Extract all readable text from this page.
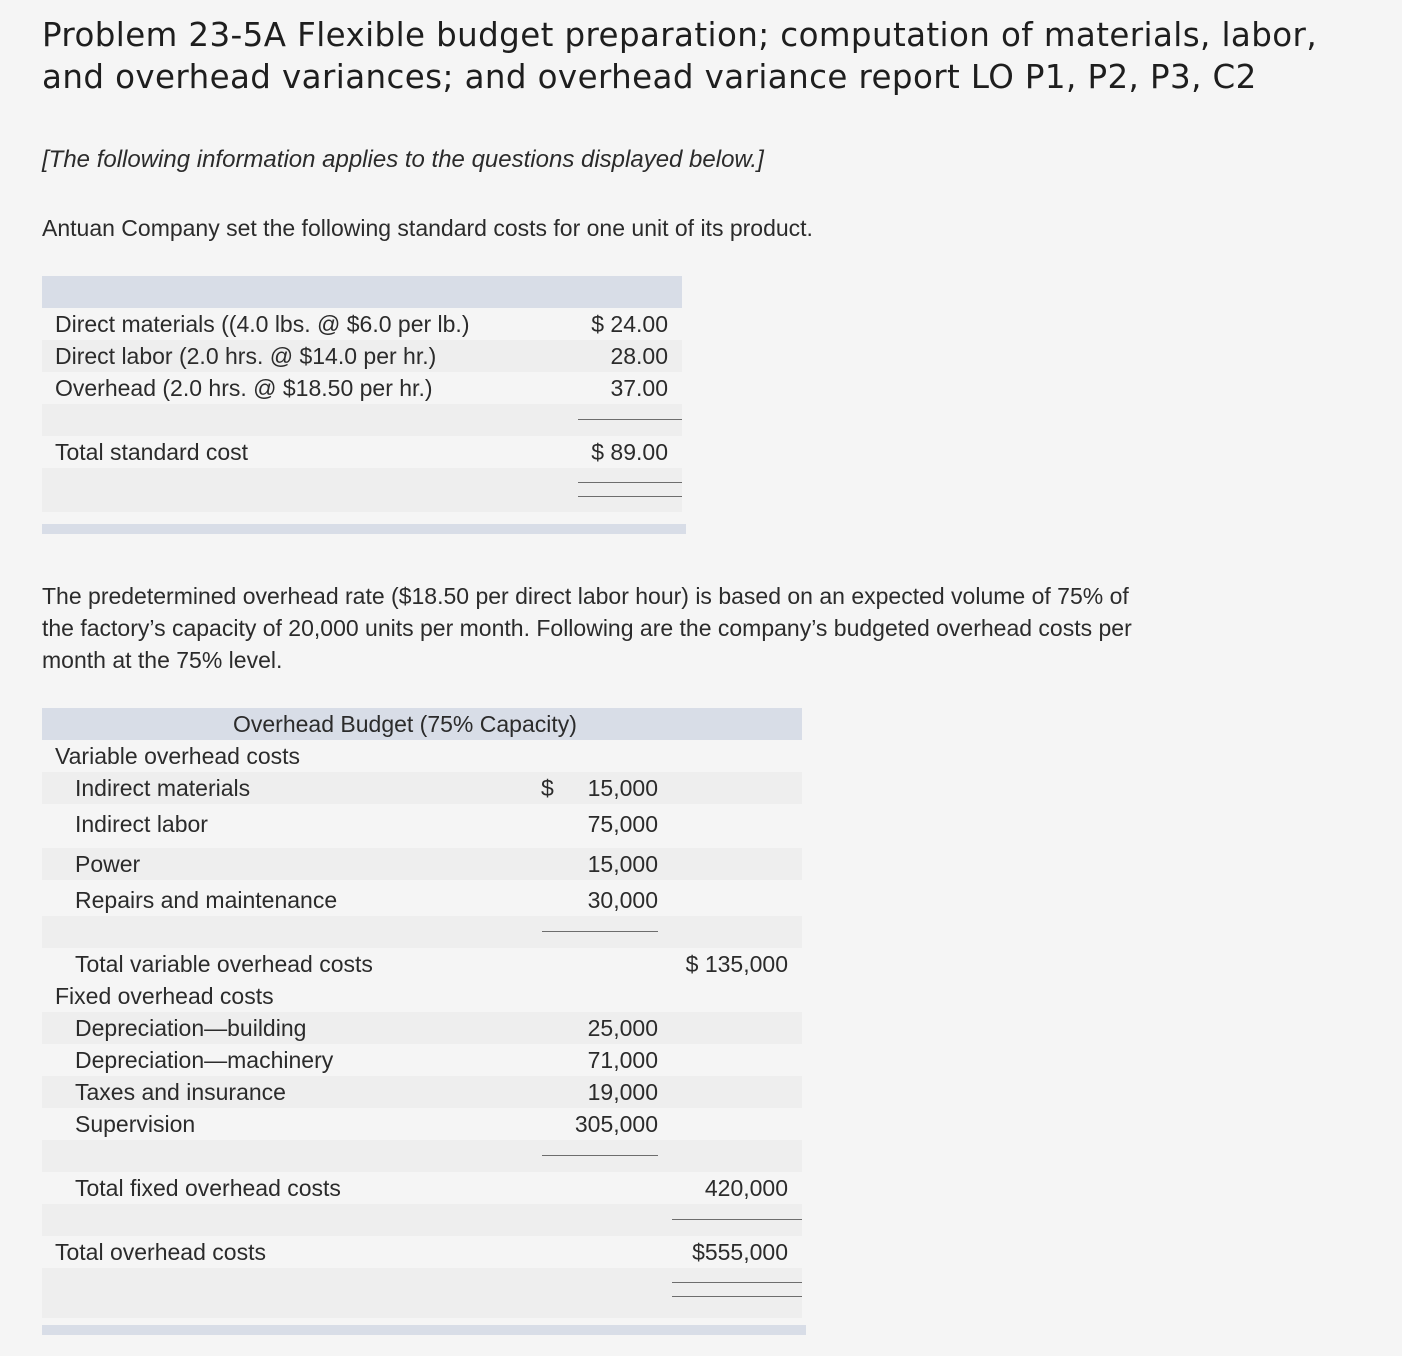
Problem 23-5A Flexible budget preparation; computation of materials, labor,
and overhead variances; and overhead variance report LO P1, P2, P3, C2
[The following information applies to the questions displayed below.]
Antuan Company set the following standard costs for one unit of its product.
Direct materials ((4.0 lbs. @ $6.0 per lb.)	$ 24.00
Direct labor (2.0 hrs. @ $14.0 per hr.)	28.00
Overhead (2.0 hrs. @ $18.50 per hr.)	37.00
Total standard cost	$ 89.00
The predetermined overhead rate ($18.50 per direct labor hour) is based on an expected volume of 75% of
the factory’s capacity of 20,000 units per month. Following are the company’s budgeted overhead costs per
month at the 75% level.
Overhead Budget (75% Capacity)
Variable overhead costs
Indirect materials	$ 15,000
Indirect labor	75,000
Power	15,000
Repairs and maintenance	30,000
Total variable overhead costs	$ 135,000
Fixed overhead costs
Depreciation—building	25,000
Depreciation—machinery	71,000
Taxes and insurance	19,000
Supervision	305,000
Total fixed overhead costs	420,000
Total overhead costs	$555,000
